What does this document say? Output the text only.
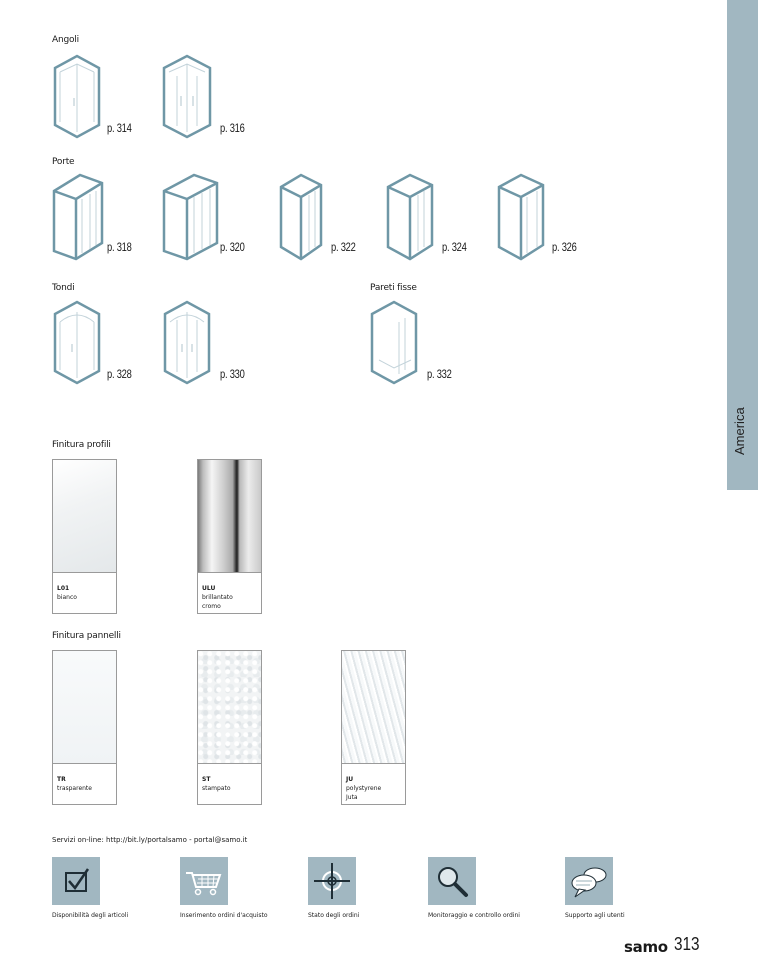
America
Angoli
Porte
Tondi	Pareti fisse
p. 314	p. 316
p. 318	p. 320	p. 322	p. 324	p. 326
p. 328	p. 330	p. 332
Finitura profili
L01
bianco
ULU
brillantato
cromo
Finitura pannelli
TR
trasparente
ST
stampato
JU
polystyrene
Juta
Servizi on-line: http://bit.ly/portalsamo - portal@samo.it
Disponibilità degli articoli	Inserimento ordini d'acquisto	Stato degli ordini	Monitoraggio e controllo ordini	Supporto agli utenti
samo 313
